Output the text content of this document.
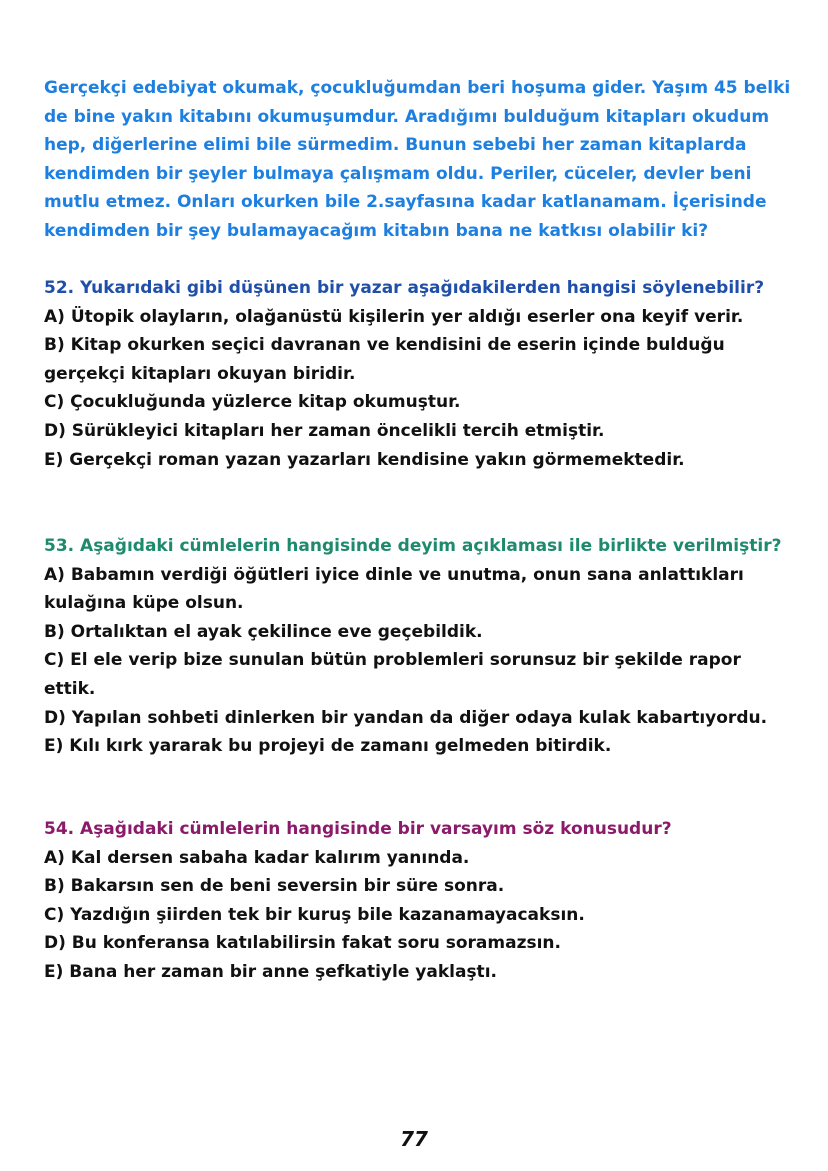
Gerçekçi edebiyat okumak, çocukluğumdan beri hoşuma gider. Yaşım 45 belki
de bine yakın kitabını okumuşumdur. Aradığımı bulduğum kitapları okudum
hep, diğerlerine elimi bile sürmedim. Bunun sebebi her zaman kitaplarda
kendimden bir şeyler bulmaya çalışmam oldu. Periler, cüceler, devler beni
mutlu etmez. Onları okurken bile 2.sayfasına kadar katlanamam. İçerisinde
kendimden bir şey bulamayacağım kitabın bana ne katkısı olabilir ki?
52. Yukarıdaki gibi düşünen bir yazar aşağıdakilerden hangisi söylenebilir?
A) Ütopik olayların, olağanüstü kişilerin yer aldığı eserler ona keyif verir.
B) Kitap okurken seçici davranan ve kendisini de eserin içinde bulduğu
gerçekçi kitapları okuyan biridir.
C) Çocukluğunda yüzlerce kitap okumuştur.
D) Sürükleyici kitapları her zaman öncelikli tercih etmiştir.
E) Gerçekçi roman yazan yazarları kendisine yakın görmemektedir.
53. Aşağıdaki cümlelerin hangisinde deyim açıklaması ile birlikte verilmiştir?
A) Babamın verdiği öğütleri iyice dinle ve unutma, onun sana anlattıkları
kulağına küpe olsun.
B) Ortalıktan el ayak çekilince eve geçebildik.
C) El ele verip bize sunulan bütün problemleri sorunsuz bir şekilde rapor
ettik.
D) Yapılan sohbeti dinlerken bir yandan da diğer odaya kulak kabartıyordu.
E) Kılı kırk yararak bu projeyi de zamanı gelmeden bitirdik.
54. Aşağıdaki cümlelerin hangisinde bir varsayım söz konusudur?
A) Kal dersen sabaha kadar kalırım yanında.
B) Bakarsın sen de beni seversin bir süre sonra.
C) Yazdığın şiirden tek bir kuruş bile kazanamayacaksın.
D) Bu konferansa katılabilirsin fakat soru soramazsın.
E) Bana her zaman bir anne şefkatiyle yaklaştı.
77
